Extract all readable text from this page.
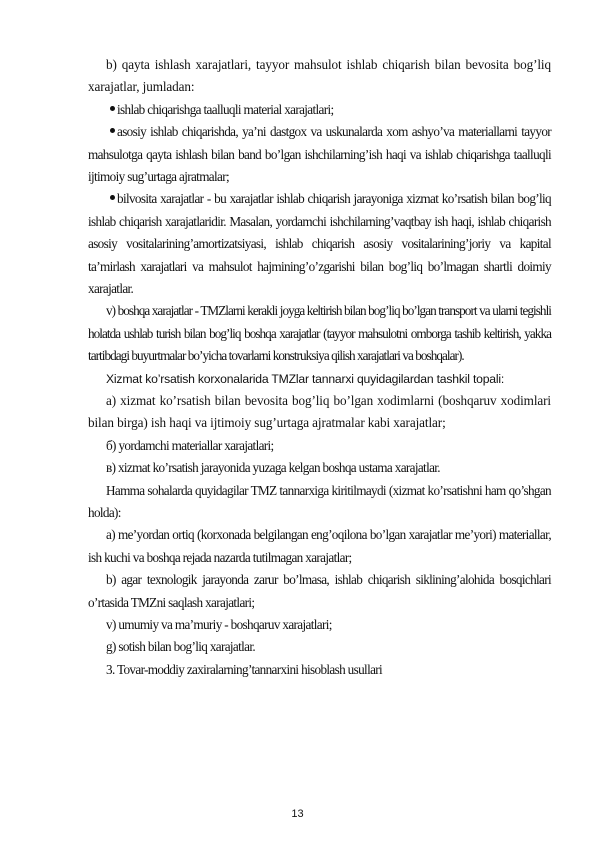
b) qayta ishlash xarajatlari, tayyor mahsulot ishlab chiqarish bilan bevosita bog’liq xarajatlar, jumladan:

ishlab chiqarishga taalluqli material xarajatlari;

asosiy ishlab chiqarishda, ya’ni dastgox va uskunalarda xom ashyo’va materiallarni tayyor mahsulotga qayta ishlash bilan band bo’lgan ishchilarning’ish haqi va ishlab chiqarishga taalluqli ijtimoiy sug’urtaga ajratmalar;

bilvosita xarajatlar - bu xarajatlar ishlab chiqarish jarayoniga xizmat ko’rsatish bilan bog’liq ishlab chiqarish xarajatlaridir. Masalan, yordamchi ishchilarning’vaqtbay ish haqi, ishlab chiqarish asosiy vositalarining’amortizatsiyasi, ishlab chiqarish asosiy vositalarining’joriy va kapital ta’mirlash xarajatlari va mahsulot hajmining’o’zgarishi bilan bog’liq bo’lmagan shartli doimiy xarajatlar.

v) boshqa xarajatlar - TMZlarni kerakli joyga keltirish bilan bog’liq bo’lgan transport va ularni tegishli holatda ushlab turish bilan bog’liq boshqa xarajatlar (tayyor mahsulotni omborga tashib keltirish, yakka tartibdagi buyurtmalar bo’yicha tovarlarni konstruksiya qilish xarajatlari va boshqalar).

Xizmat ko’rsatish korxonalarida TMZlar tannarxi quyidagilardan tashkil topali:

a) xizmat ko’rsatish bilan bevosita bog’liq bo’lgan xodimlarni (boshqaruv xodimlari bilan birga) ish haqi va ijtimoiy sug’urtaga ajratmalar kabi xarajatlar;

б) yordamchi materiallar xarajatlari;

в) xizmat ko’rsatish jarayonida yuzaga kelgan boshqa ustama xarajatlar.

Hamma sohalarda quyidagilar TMZ tannarxiga kiritilmaydi (xizmat ko’rsatishni ham qo’shgan holda):

a) me’yordan ortiq (korxonada belgilangan eng’oqilona bo’lgan xarajatlar me’yori) materiallar, ish kuchi va boshqa rejada nazarda tutilmagan xarajatlar;

b) agar texnologik jarayonda zarur bo’lmasa, ishlab chiqarish siklining’alohida bosqichlari o’rtasida TMZni saqlash xarajatlari;

v) umumiy va ma’muriy - boshqaruv xarajatlari;

g) sotish bilan bog’liq xarajatlar.

3. Tovar-moddiy zaxiralarning’tannarxini hisoblash usullari

13
